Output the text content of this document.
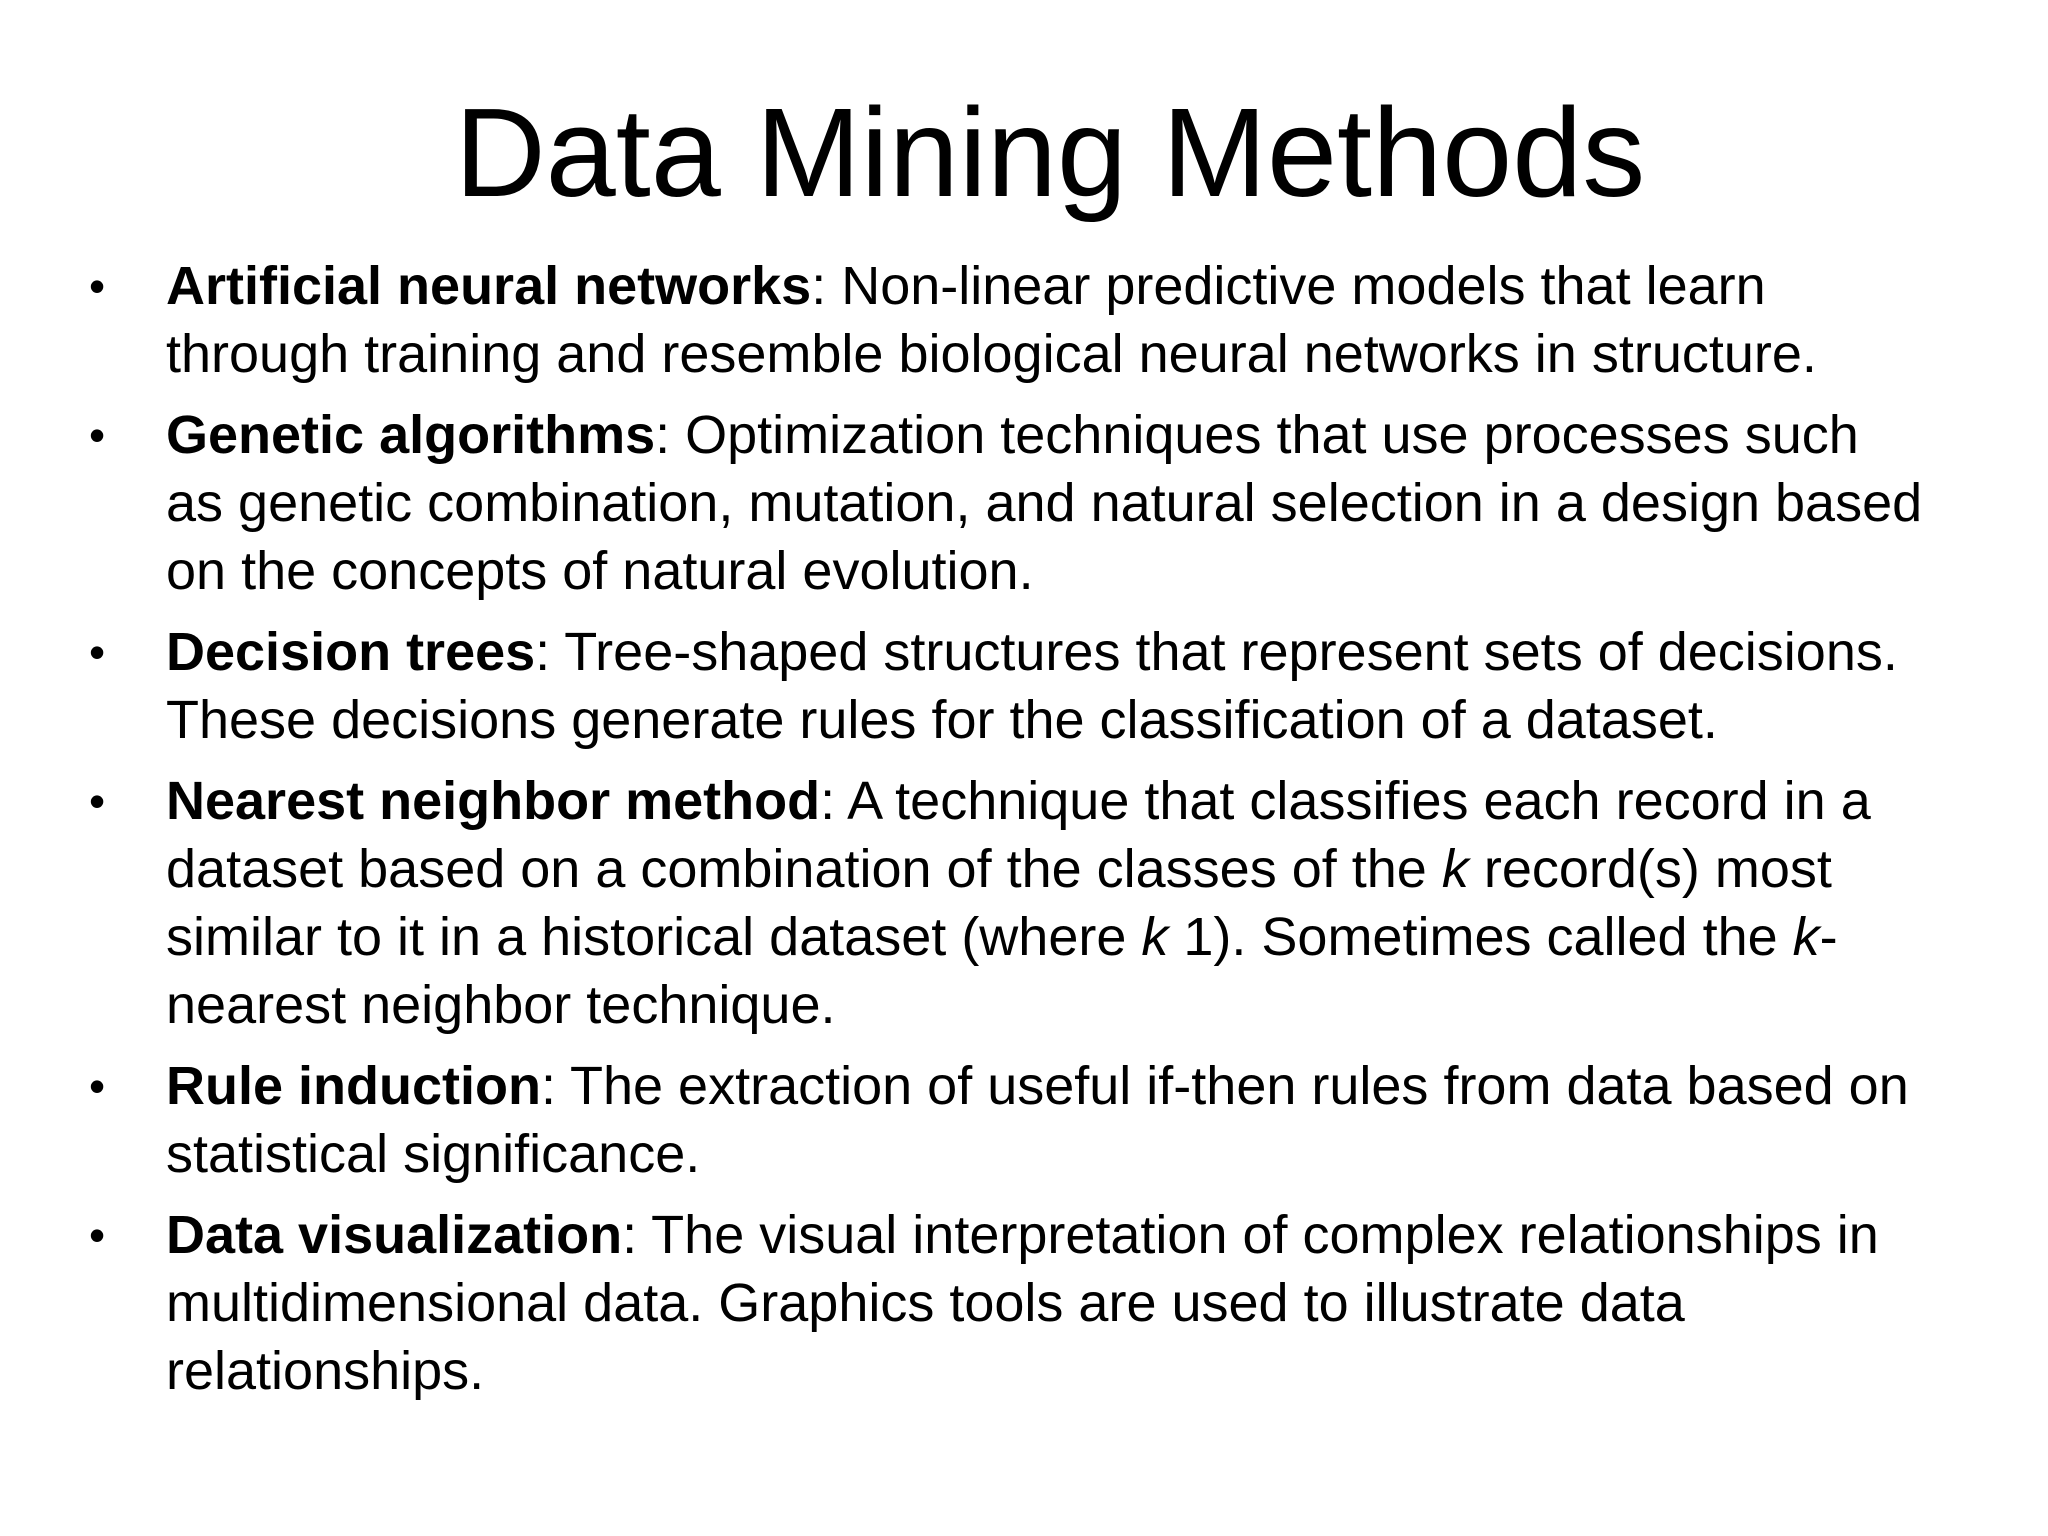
Data Mining Methods
• Artificial neural networks: Non-linear predictive models that learn
through training and resemble biological neural networks in structure.
• Genetic algorithms: Optimization techniques that use processes such
as genetic combination, mutation, and natural selection in a design based
on the concepts of natural evolution.
• Decision trees: Tree-shaped structures that represent sets of decisions.
These decisions generate rules for the classification of a dataset.
• Nearest neighbor method: A technique that classifies each record in a
dataset based on a combination of the classes of the k record(s) most
similar to it in a historical dataset (where k 1). Sometimes called the k-
nearest neighbor technique.
• Rule induction: The extraction of useful if-then rules from data based on
statistical significance.
• Data visualization: The visual interpretation of complex relationships in
multidimensional data. Graphics tools are used to illustrate data
relationships.
